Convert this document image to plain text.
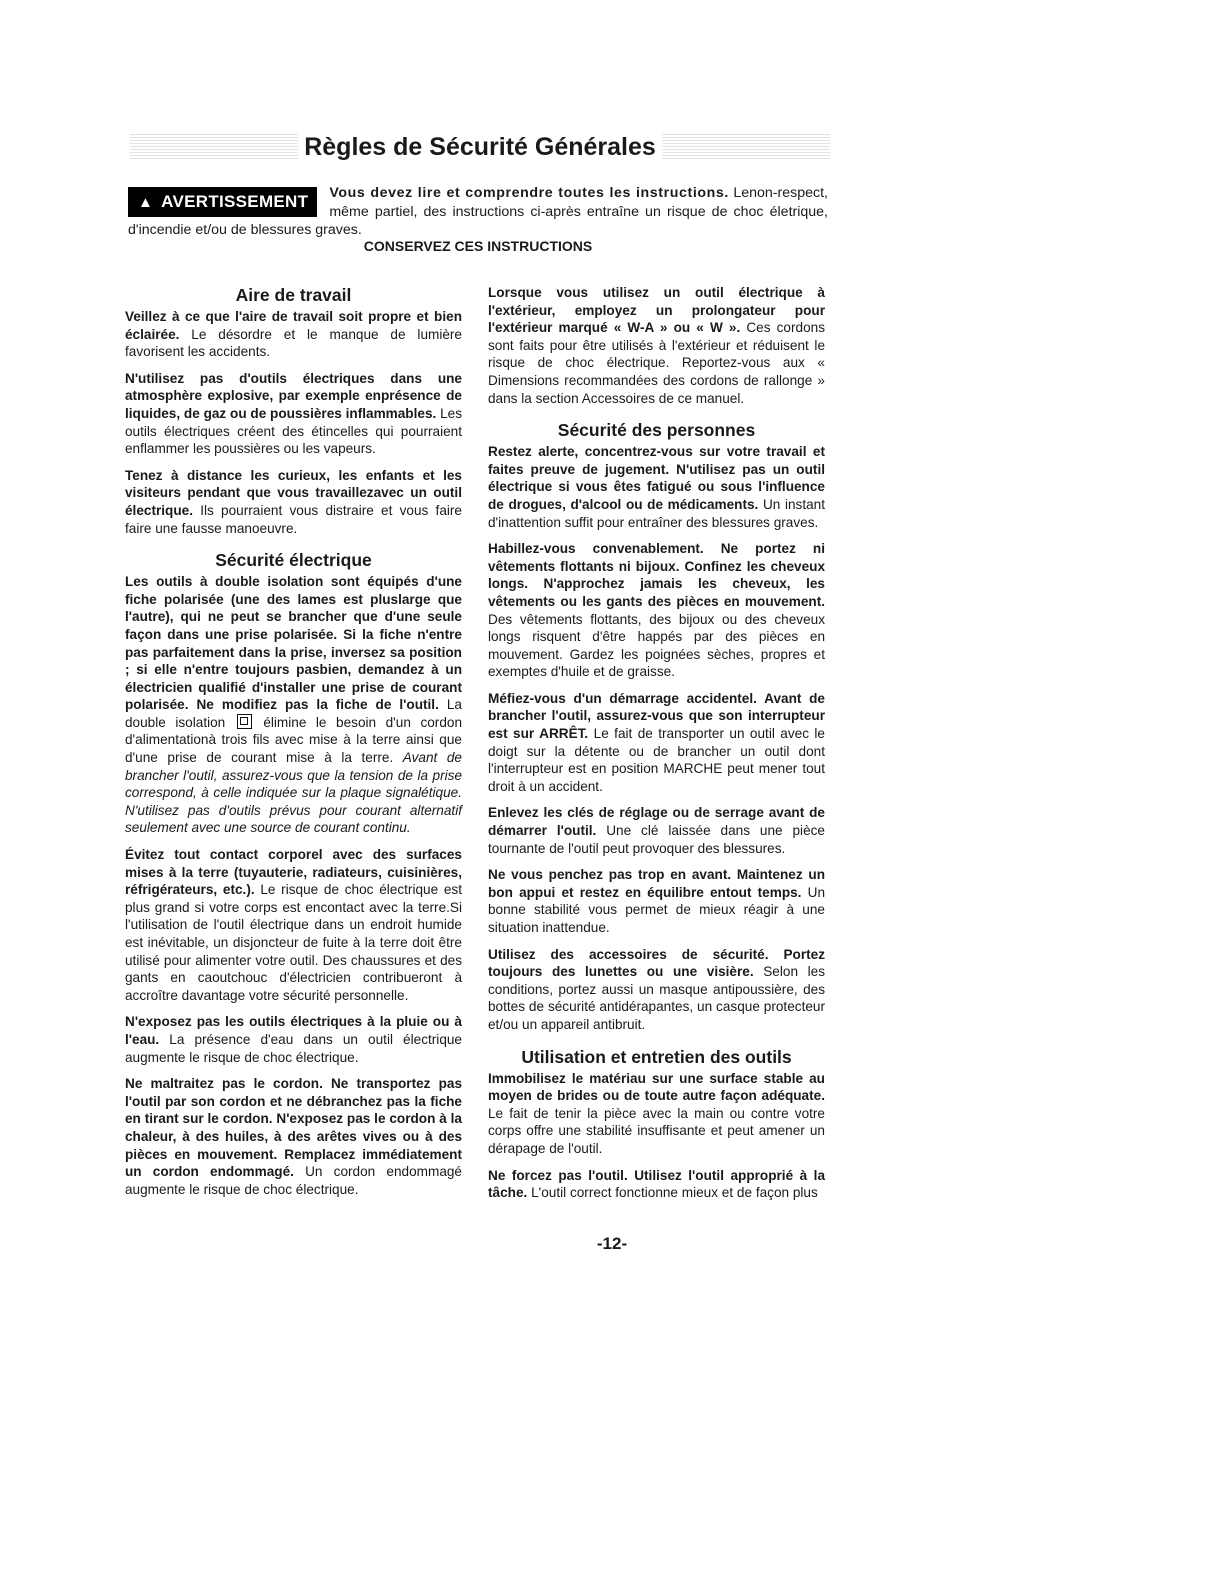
Règles de Sécurité Générales
▲ AVERTISSEMENT	Vous devez lire et comprendre toutes les instructions. Lenon-respect, même partiel, des instructions ci-après entraîne un risque de choc életrique, d'incendie et/ou de blessures graves.
CONSERVEZ CES INSTRUCTIONS
Aire de travail

Veillez à ce que l'aire de travail soit propre et bien éclairée. Le désordre et le manque de lumière favorisent les accidents.

N'utilisez pas d'outils électriques dans une atmosphère explosive, par exemple enprésence de liquides, de gaz ou de poussières inflammables. Les outils électriques créent des étincelles qui pourraient enflammer les poussières ou les vapeurs.

Tenez à distance les curieux, les enfants et les visiteurs pendant que vous travaillezavec un outil électrique. Ils pourraient vous distraire et vous faire faire une fausse manoeuvre.

Sécurité électrique

Les outils à double isolation sont équipés d'une fiche polarisée (une des lames est pluslarge que l'autre), qui ne peut se brancher que d'une seule façon dans une prise polarisée. Si la fiche n'entre pas parfaitement dans la prise, inversez sa position ; si elle n'entre toujours pasbien, demandez à un électricien qualifié d'installer une prise de courant polarisée. Ne modifiez pas la fiche de l'outil. La double isolation  élimine le besoin d'un cordon d'alimentationà trois fils avec mise à la terre ainsi que d'une prise de courant mise à la terre. Avant de brancher l'outil, assurez-vous que la tension de la prise correspond, à celle indiquée sur la plaque signalétique. N'utilisez pas d'outils prévus pour courant alternatif seulement avec une source de courant continu.

Évitez tout contact corporel avec des surfaces mises à la terre (tuyauterie, radiateurs, cuisinières, réfrigérateurs, etc.). Le risque de choc électrique est plus grand si votre corps est encontact avec la terre.Si l'utilisation de l'outil électrique dans un endroit humide est inévitable, un disjoncteur de fuite à la terre doit être utilisé pour alimenter votre outil. Des chaussures et des gants en caoutchouc d'électricien contribueront à accroître davantage votre sécurité personnelle.

N'exposez pas les outils électriques à la pluie ou à l'eau. La présence d'eau dans un outil électrique augmente le risque de choc électrique.

Ne maltraitez pas le cordon. Ne transportez pas l'outil par son cordon et ne débranchez pas la fiche en tirant sur le cordon. N'exposez pas le cordon à la chaleur, à des huiles, à des arêtes vives ou à des pièces en mouvement. Remplacez immédiatement un cordon endommagé. Un cordon endommagé augmente le risque de choc électrique.

Lorsque vous utilisez un outil électrique à l'extérieur, employez un prolongateur pour l'extérieur marqué « W-A » ou « W ». Ces cordons sont faits pour être utilisés à l'extérieur et réduisent le risque de choc électrique. Reportez-vous aux « Dimensions recommandées des cordons de rallonge » dans la section Accessoires de ce manuel.

Sécurité des personnes

Restez alerte, concentrez-vous sur votre travail et faites preuve de jugement. N'utilisez pas un outil électrique si vous êtes fatigué ou sous l'influence de drogues, d'alcool ou de médicaments. Un instant d'inattention suffit pour entraîner des blessures graves.

Habillez-vous convenablement. Ne portez ni vêtements flottants ni bijoux. Confinez les cheveux longs. N'approchez jamais les cheveux, les vêtements ou les gants des pièces en mouvement. Des vêtements flottants, des bijoux ou des cheveux longs risquent d'être happés par des pièces en mouvement. Gardez les poignées sèches, propres et exemptes d'huile et de graisse.

Méfiez-vous d'un démarrage accidentel. Avant de brancher l'outil, assurez-vous que son interrupteur est sur ARRÊT. Le fait de transporter un outil avec le doigt sur la détente ou de brancher un outil dont l'interrupteur est en position MARCHE peut mener tout droit à un accident.

Enlevez les clés de réglage ou de serrage avant de démarrer l'outil. Une clé laissée dans une pièce tournante de l'outil peut provoquer des blessures.

Ne vous penchez pas trop en avant. Maintenez un bon appui et restez en équilibre entout temps. Un bonne stabilité vous permet de mieux réagir à une situation inattendue.

Utilisez des accessoires de sécurité. Portez toujours des lunettes ou une visière. Selon les conditions, portez aussi un masque antipoussière, des bottes de sécurité antidérapantes, un casque protecteur et/ou un appareil antibruit.

Utilisation et entretien des outils

Immobilisez le matériau sur une surface stable au moyen de brides ou de toute autre façon adéquate. Le fait de tenir la pièce avec la main ou contre votre corps offre une stabilité insuffisante et peut amener un dérapage de l'outil.

Ne forcez pas l'outil. Utilisez l'outil approprié à la tâche. L'outil correct fonctionne mieux et de façon plus

-12-
